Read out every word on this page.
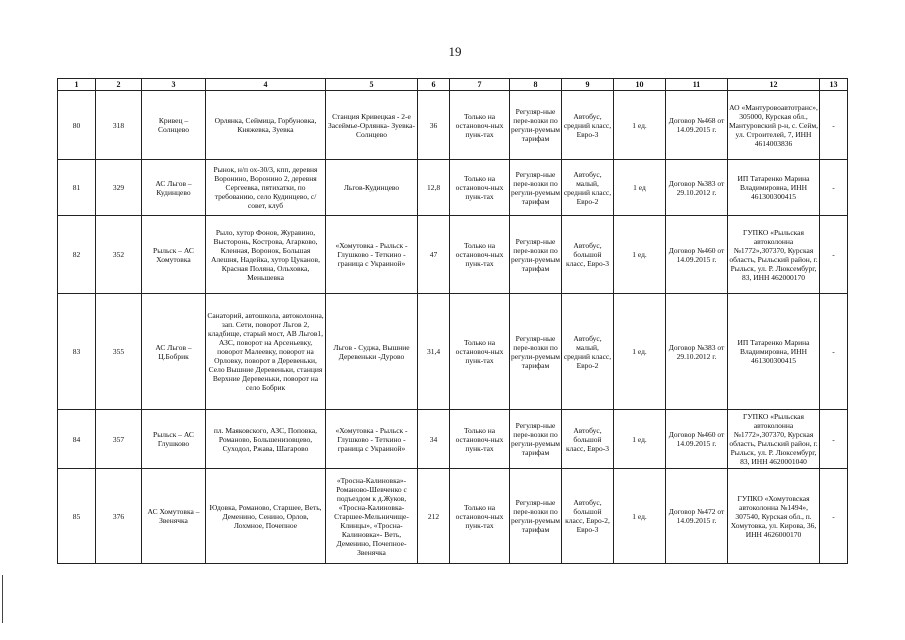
19
1	2	3	4	5	6	7	8	9	10	11	12	13
80	318	Кривец – Солнцево	Орлянка, Сеймица, Горбуновка, Княжевка, Зуевка	Станция Кривецкая - 2-е Засеймье-Орлянка- Зуевка-Солнцево	36	Только на остановоч-ных пунк-тах	Регуляр-ные пере-возки по регули-руемым тарифам	Автобус, средний класс, Евро-3	1 ед.	Договор №468 от 14.09.2015 г.	АО «Мантуровоавтотранс», 305000, Курская обл., Мантуровский р-н, с. Сейм, ул. Строителей, 7, ИНН 4614003836	-
81	329	АС Льгов – Кудинцево	Рынок, н/п ох-30/3, кпп, деревня Воронино, Воронино 2, деревня Сергеевка, пятихатки, по требованию, село Кудинцево, с/совет, клуб	Льгов-Кудинцево	12,8	Только на остановоч-ных пунк-тах	Регуляр-ные пере-возки по регули-руемым тарифам	Автобус, малый, средний класс, Евро-2	1 ед	Договор №383 от 29.10.2012 г.	ИП Татаренко Марина Владимировна, ИНН 461300300415	-
82	352	Рыльск – АС Хомутовка	Рыло, хутор Фонов, Журавино, Высторонь, Кострова, Агарково, Кленная, Воронок, Большая Алешня, Надейка, хутор Цуканов, Красная Поляна, Ольховка, Меньшевка	«Хомутовка - Рыльск - Глушково - Теткино - граница с Украиной»	47	Только на остановоч-ных пунк-тах	Регуляр-ные пере-возки по регули-руемым тарифам	Автобус, большой класс, Евро-3	1 ед.	Договор №460 от 14.09.2015 г.	ГУПКО «Рыльская автоколонна №1772»,307370, Курская область, Рыльский район, г. Рыльск, ул. Р. Люксембург, 83, ИНН 462000170	-
83	355	АС Льгов – Ц.Бобрик	Санаторий, автошкола, автоколонна, зап. Сети, поворот Льгов 2, кладбище, старый мост, АВ Льгов1, АЗС, поворот на Арсеньевку, поворот Малеевку, поворот на Орловку, поворот в Деревеньки, Село Вышние Деревеньки, станция Верхние Деревеньки, поворот на село Бобрик	Льгов - Суджа, Вышние Деревеньки -Дурово	31,4	Только на остановоч-ных пунк-тах	Регуляр-ные пере-возки по регули-руемым тарифам	Автобус, малый, средний класс, Евро-2	1 ед.	Договор №383 от 29.10.2012 г.	ИП Татаренко Марина Владимировна, ИНН 461300300415	-
84	357	Рыльск – АС Глушково	пл. Маяковского, АЗС, Поповка, Романово, Большенизовцево, Суходол, Ржава, Шагарово	«Хомутовка - Рыльск - Глушково - Теткино - граница с Украиной»	34	Только на остановоч-ных пунк-тах	Регуляр-ные пере-возки по регули-руемым тарифам	Автобус, большой класс, Евро-3	1 ед.	Договор №460 от 14.09.2015 г.	ГУПКО «Рыльская автоколонна №1772»,307370, Курская область, Рыльский район, г. Рыльск, ул. Р. Люксембург, 83, ИНН 4620001040	-
85	376	АС Хомутовка – Звенячка	Юдовка, Романово, Старшее, Веть, Деменино, Сенино, Орлов, Лохмное, Почепное	«Тросна-Калиновка»-Романово-Шевченко с подъездом к д.Жуков, «Тросна-Калиновка-Старшее-Мельничище-Клинцы», «Тросна-Калиновка»- Веть, Деменино, Почепное-Звенячка	212	Только на остановоч-ных пунк-тах	Регуляр-ные пере-возки по регули-руемым тарифам	Автобус, большой класс, Евро-2, Евро-3	1 ед.	Договор №472 от 14.09.2015 г.	ГУПКО «Хомутовская автоколонна №1494», 307540, Курская обл., п. Хомутовка, ул. Кирова, 36, ИНН 4626000170	-
